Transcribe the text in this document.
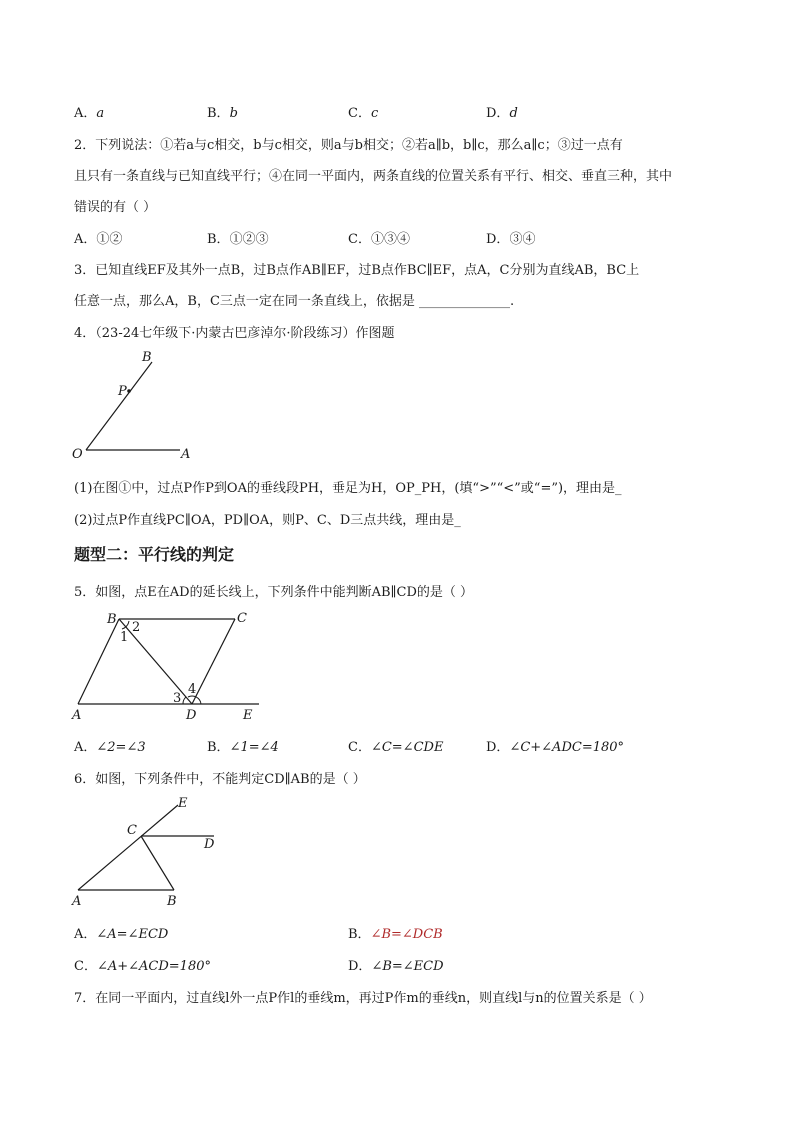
A．a	B．b	C．c	D．d
2．下列说法：①若a与c相交，b与c相交，则a与b相交；②若a∥b，b∥c，那么a∥c；③过一点有
且只有一条直线与已知直线平行；④在同一平面内，两条直线的位置关系有平行、相交、垂直三种，其中
错误的有（ ）
A．①②	B．①②③	C．①③④	D．③④
3．已知直线EF及其外一点B，过B点作AB∥EF，过B点作BC∥EF，点A，C分别为直线AB，BC上
任意一点，那么A，B，C三点一定在同一条直线上，依据是 ______________.
4．（23-24七年级下·内蒙古巴彦淖尔·阶段练习）作图题
B
P
O	A
(1)在图①中，过点P作P到OA的垂线段PH，垂足为H，OP_PH，(填“>”“<”或“=”)，理由是_
(2)过点P作直线PC∥OA，PD∥OA，则P、C、D三点共线，理由是_
题型二：平行线的判定
5．如图，点E在AD的延长线上，下列条件中能判断AB∥CD的是（ ）
B	C
A	D	E
1
2
3
4
A．∠2=∠3	B．∠1=∠4	C．∠C=∠CDE	D．∠C+∠ADC=180°
6．如图，下列条件中，不能判定CD∥AB的是（ ）
E
C
D
A	B
A．∠A=∠ECD	B．∠B=∠DCB
C．∠A+∠ACD=180°	D．∠B=∠ECD
7．在同一平面内，过直线l外一点P作l的垂线m，再过P作m的垂线n，则直线l与n的位置关系是（ ）
